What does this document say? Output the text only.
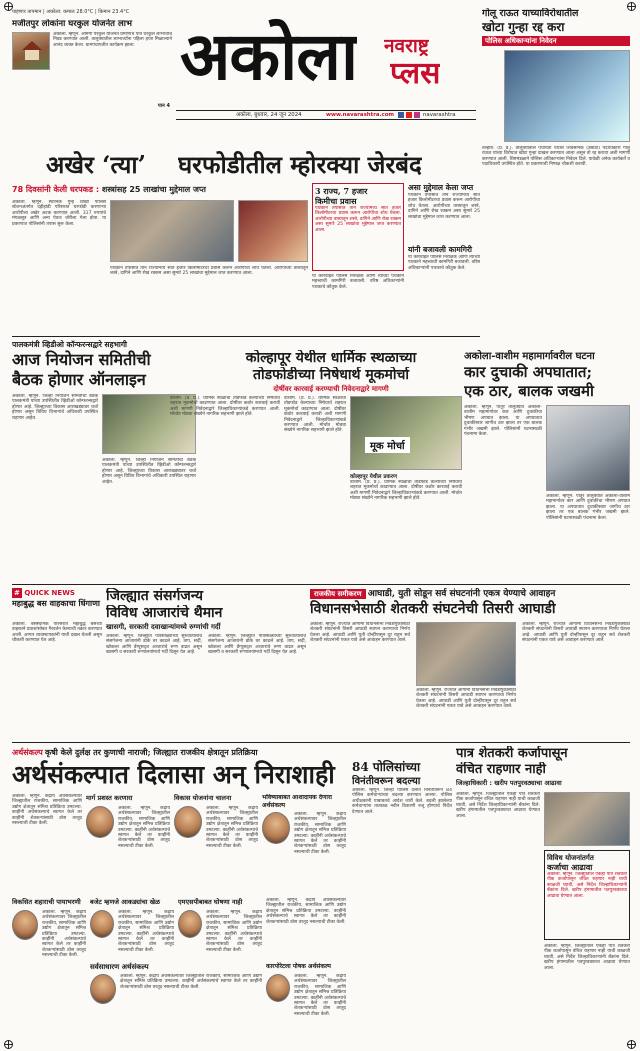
पाहणार तापमान | अकोला: कमाल 28.0°C | किमान 23.4°C
मजीतपुर लोकांना घरकुल योजनेत लाभ
अकोला. म्हणून. ओमेगी परकुल योजनेत प्रमाणाचे पात्र घरकुल लाभार्थींचे निवड करण्यात आली. तालुक्यातील लाभार्थ्यांना पहिला हप्ता मिळाल्याने आनंद व्यक्त केला. ग्रामपंचायतीत कार्यक्रम झाला.
पान 4
अकोला नवराष्ट्र
प्लस
गोलू राऊत याच्याविरोधातील
खोटा गुन्हा रद्द करा
पोलिस अधिकाऱ्यांना निवेदन
तेल्हारा. (प्र. प्र.). तालुक्यातील पंचायती येथील शिवसैनिक (उबाठा) पदाधिकारी गोलू राऊत यांच्या विरोधात खोटा गुन्हा दाखल करण्यात आला असून तो रद्द करावा अशी मागणी करण्यात आली. शिष्टमंडळाने पोलिस अधिकाऱ्यांना निवेदन दिले. यावेळी अनेक कार्यकर्ते व पदाधिकारी उपस्थित होते. या प्रकरणाची निष्पक्ष चौकशी करावी.
अकोला, बुधवार, 24 जून 2024	www.navarashtra.com	navarashtra
अखेर ‘त्या’ घरफोडीतील म्होरक्या जेरबंद
78 दिवसांनी केली धरपकड : शस्त्रांसह 25 लाखांचा मुद्देमाल जप्त
अकोला. म्हणून. स्थानिक गुन्हे शाखा पोलिस स्टेशनअंतर्गत दहीहांडी परिसरात घरफोडी करणाऱ्या आरोपीला अखेर अटक करण्यात आली. 317 रुपयांचे मंगळसूत्र आणि अन्य ऐवज चोरीला गेला होता. या प्रकरणात पोलिसांनी तपास सुरू केला.
पथकाने तपासात तीन राज्यांमध्ये सात हजार किलोमीटरचा प्रवास करून आरोपीचा शोध घेतला. आरोपीच्या ताब्यातून शस्त्रे, दागिने आणि रोख रक्कम असा सुमारे 25 लाखांचा मुद्देमाल जप्त करण्यात आला.
3 राज्य, 7 हजार
किमीचा प्रवास
पथकाने तपासात तीन राज्यांमध्ये सात हजार किलोमीटरचा प्रवास करून आरोपीचा शोध घेतला. आरोपीच्या ताब्यातून शस्त्रे, दागिने आणि रोख रक्कम असा सुमारे 25 लाखांचा मुद्देमाल जप्त करण्यात आला.
या कारवाईत पोलिस निरीक्षक आणि त्यांच्या पथकाने महत्त्वाची कामगिरी बजावली. वरिष्ठ अधिकाऱ्यांनी पथकाचे कौतुक केले.
असा मुद्देमाल केला जप्त
पथकाने तपासात तीन राज्यांमध्ये सात हजार किलोमीटरचा प्रवास करून आरोपीचा शोध घेतला. आरोपीच्या ताब्यातून शस्त्रे, दागिने आणि रोख रक्कम असा सुमारे 25 लाखांचा मुद्देमाल जप्त करण्यात आला.
यांनी बजावली कामगिरी
या कारवाईत पोलिस निरीक्षक आणि त्यांच्या पथकाने महत्त्वाची कामगिरी बजावली. वरिष्ठ अधिकाऱ्यांनी पथकाचे कौतुक केले.
पालकमंत्री व्हिडीओ कॉन्फरन्सद्वारे सहभागी
आज नियोजन समितीची
बैठक होणार ऑनलाइन
अकोला. म्हणून. जिल्हा नियोजन समितीची बैठक पालकमंत्री यांच्या उपस्थितीत व्हिडीओ कॉन्फरन्सद्वारे होणार आहे. जिल्ह्याच्या विकास आराखड्यावर चर्चा होणार असून विविध विभागांचे अधिकारी उपस्थित राहणार आहेत.
अकोला. म्हणून. जिल्हा नियोजन समितीची बैठक पालकमंत्री यांच्या उपस्थितीत व्हिडीओ कॉन्फरन्सद्वारे होणार आहे. जिल्ह्याच्या विकास आराखड्यावर चर्चा होणार असून विविध विभागांचे अधिकारी उपस्थित राहणार आहेत.
कोल्हापूर येथील धार्मिक स्थळाच्या
तोडफोडीच्या निषेधार्थ मूकमोर्चा
दोषींवर कारवाई करण्याची निवेदनाद्वारे मागणी
वाशीम. (प्र. प्र.). धार्मिक स्थळांची तोडफोड केल्याच्या निषेधार्थ शहरात मूकमोर्चा काढण्यात आला. दोषींवर कठोर कारवाई करावी अशी मागणी निवेदनाद्वारे जिल्हाधिकाऱ्यांकडे करण्यात आली. मोर्चात मोठ्या संख्येने नागरिक सहभागी झाले होते.
मूक मोर्चा
कोल्हापूर येथील प्रकरण
वाशीम. (प्र. प्र.). धार्मिक स्थळांची तोडफोड केल्याच्या निषेधार्थ शहरात मूकमोर्चा काढण्यात आला. दोषींवर कठोर कारवाई करावी अशी मागणी निवेदनाद्वारे जिल्हाधिकाऱ्यांकडे करण्यात आली. मोर्चात मोठ्या संख्येने नागरिक सहभागी झाले होते.
वाशीम. (प्र. प्र.). धार्मिक स्थळांची तोडफोड केल्याच्या निषेधार्थ शहरात मूकमोर्चा काढण्यात आला. दोषींवर कठोर कारवाई करावी अशी मागणी निवेदनाद्वारे जिल्हाधिकाऱ्यांकडे करण्यात आली. मोर्चात मोठ्या संख्येने नागरिक सहभागी झाले होते.
अकोला-वाशीम महामार्गावरील घटना
कार दुचाकी अपघातात;
एक ठार, बालक जखमी
अकोला. म्हणून. पातूर तालुक्यात अकोला-वाशीम महामार्गावर कार आणि दुचाकीचा भीषण अपघात झाला. या अपघातात दुचाकीस्वार जागीच ठार झाला तर एक बालक गंभीर जखमी झाले. पोलिसांनी घटनास्थळी पंचनामा केला.
अकोला. म्हणून. पातूर तालुक्यात अकोला-वाशीम महामार्गावर कार आणि दुचाकीचा भीषण अपघात झाला. या अपघातात दुचाकीस्वार जागीच ठार झाला तर एक बालक गंभीर जखमी झाले. पोलिसांनी घटनास्थळी पंचनामा केला.
# QUICK NEWS
महाबुद्ध बस वाहकाचा धिंगाणा
अकोला. बसस्थानक परिसरात महाबुद्ध बसच्या वाहकाने प्रवाशांसोबत गैरवर्तन केल्याची तक्रार करण्यात आली. आगार व्यवस्थापकांनी याची दखल घेतली असून चौकशी करण्यात येत आहे.
जिल्ह्यात संसर्गजन्य
विविध आजारांचे थैमान
खासगी, सरकारी दवाखान्यांमध्ये रुग्णांची गर्दी
अकोला. म्हणून. जिल्ह्यात पावसाळ्याच्या सुरुवातीलाच संसर्गजन्य आजारांनी डोके वर काढले आहे. ताप, सर्दी, खोकला आणि डेंग्यूसदृश आजारांचे रुग्ण वाढत असून खासगी व सरकारी रुग्णालयांमध्ये गर्दी दिसून येत आहे.
अकोला. म्हणून. जिल्ह्यात पावसाळ्याच्या सुरुवातीलाच संसर्गजन्य आजारांनी डोके वर काढले आहे. ताप, सर्दी, खोकला आणि डेंग्यूसदृश आजारांचे रुग्ण वाढत असून खासगी व सरकारी रुग्णालयांमध्ये गर्दी दिसून येत आहे.
राजकीय समीकरण आघाडी, युती सोडून सर्व संघटनांनी एकत्र येण्याचे आवाहन
विधानसभेसाठी शेतकरी संघटनेची तिसरी आघाडी
अकोला. म्हणून. राज्यात आगामी विधानसभा निवडणुकीसाठी शेतकरी संघटनांनी तिसरी आघाडी स्थापन करण्याचा निर्णय घेतला आहे. आघाडी आणि युती दोन्हींपासून दूर राहून सर्व शेतकरी संघटनांनी एकत्र यावे असे आवाहन करण्यात आले.
अकोला. म्हणून. राज्यात आगामी विधानसभा निवडणुकीसाठी शेतकरी संघटनांनी तिसरी आघाडी स्थापन करण्याचा निर्णय घेतला आहे. आघाडी आणि युती दोन्हींपासून दूर राहून सर्व शेतकरी संघटनांनी एकत्र यावे असे आवाहन करण्यात आले.
अकोला. म्हणून. राज्यात आगामी विधानसभा निवडणुकीसाठी शेतकरी संघटनांनी तिसरी आघाडी स्थापन करण्याचा निर्णय घेतला आहे. आघाडी आणि युती दोन्हींपासून दूर राहून सर्व शेतकरी संघटनांनी एकत्र यावे असे आवाहन करण्यात आले.
अर्थसंकल्प कृषी केले दुर्लक्ष तर कुणाची नाराजी; जिल्ह्यात राजकीय क्षेत्रातून प्रतिक्रिया
अर्थसंकल्पात दिलासा अन्‌ निराशाही
अकोला. म्हणून. केंद्रीय अर्थसंकल्पावर जिल्ह्यातील राजकीय, सामाजिक आणि उद्योग क्षेत्रातून संमिश्र प्रतिक्रिया उमटल्या. काहींनी अर्थसंकल्पाचे स्वागत केले तर काहींनी शेतकऱ्यांसाठी ठोस तरतूद नसल्याची टीका केली.
मार्ग प्रशस्त करणारा
अकोला. म्हणून. केंद्रीय अर्थसंकल्पावर जिल्ह्यातील राजकीय, सामाजिक आणि उद्योग क्षेत्रातून संमिश्र प्रतिक्रिया उमटल्या. काहींनी अर्थसंकल्पाचे स्वागत केले तर काहींनी शेतकऱ्यांसाठी ठोस तरतूद नसल्याची टीका केली.
विकास योजनांना चालना
अकोला. म्हणून. केंद्रीय अर्थसंकल्पावर जिल्ह्यातील राजकीय, सामाजिक आणि उद्योग क्षेत्रातून संमिश्र प्रतिक्रिया उमटल्या. काहींनी अर्थसंकल्पाचे स्वागत केले तर काहींनी शेतकऱ्यांसाठी ठोस तरतूद नसल्याची टीका केली.
भविष्याबाबत आशादायक देणारा अर्थसंकल्प
अकोला. म्हणून. केंद्रीय अर्थसंकल्पावर जिल्ह्यातील राजकीय, सामाजिक आणि उद्योग क्षेत्रातून संमिश्र प्रतिक्रिया उमटल्या. काहींनी अर्थसंकल्पाचे स्वागत केले तर काहींनी शेतकऱ्यांसाठी ठोस तरतूद नसल्याची टीका केली.
विकसित शहाराची पायाभरणी
अकोला. म्हणून. केंद्रीय अर्थसंकल्पावर जिल्ह्यातील राजकीय, सामाजिक आणि उद्योग क्षेत्रातून संमिश्र प्रतिक्रिया उमटल्या. काहींनी अर्थसंकल्पाचे स्वागत केले तर काहींनी शेतकऱ्यांसाठी ठोस तरतूद नसल्याची टीका केली.
बजेट म्हणजे आकड्यांचा खेळ
अकोला. म्हणून. केंद्रीय अर्थसंकल्पावर जिल्ह्यातील राजकीय, सामाजिक आणि उद्योग क्षेत्रातून संमिश्र प्रतिक्रिया उमटल्या. काहींनी अर्थसंकल्पाचे स्वागत केले तर काहींनी शेतकऱ्यांसाठी ठोस तरतूद नसल्याची टीका केली.
एमएसपीबाबत घोषणा नाही
अकोला. म्हणून. केंद्रीय अर्थसंकल्पावर जिल्ह्यातील राजकीय, सामाजिक आणि उद्योग क्षेत्रातून संमिश्र प्रतिक्रिया उमटल्या. काहींनी अर्थसंकल्पाचे स्वागत केले तर काहींनी शेतकऱ्यांसाठी ठोस तरतूद नसल्याची टीका केली.
सर्वसाधारण अर्थसंकल्प
अकोला. म्हणून. केंद्रीय अर्थसंकल्पावर जिल्ह्यातील राजकीय, सामाजिक आणि उद्योग क्षेत्रातून संमिश्र प्रतिक्रिया उमटल्या. काहींनी अर्थसंकल्पाचे स्वागत केले तर काहींनी शेतकऱ्यांसाठी ठोस तरतूद नसल्याची टीका केली.
कारपोरेटला पोषक अर्थसंकल्प
अकोला. म्हणून. केंद्रीय अर्थसंकल्पावर जिल्ह्यातील राजकीय, सामाजिक आणि उद्योग क्षेत्रातून संमिश्र प्रतिक्रिया उमटल्या. काहींनी अर्थसंकल्पाचे स्वागत केले तर काहींनी शेतकऱ्यांसाठी ठोस तरतूद नसल्याची टीका केली.
अकोला. म्हणून. केंद्रीय अर्थसंकल्पावर जिल्ह्यातील राजकीय, सामाजिक आणि उद्योग क्षेत्रातून संमिश्र प्रतिक्रिया उमटल्या. काहींनी अर्थसंकल्पाचे स्वागत केले तर काहींनी शेतकऱ्यांसाठी ठोस तरतूद नसल्याची टीका केली.
84 पोलिसांच्या
विनंतीवरून बदल्या
अकोला. म्हणून. जिल्हा पोलिस दलात विनंतीवरून 84 पोलिस कर्मचाऱ्यांच्या बदल्या करण्यात आल्या. पोलिस अधीक्षकांनी याबाबतचे आदेश जारी केले. बदली झालेल्या कर्मचाऱ्यांना तात्काळ नवीन ठिकाणी रुजू होण्याचे निर्देश देण्यात आले.
पात्र शेतकरी कर्जापासून
वंचित राहणार नाही
जिल्हाधिकारी : खरीप पतपुरवठ्याचा आढावा
अकोला. म्हणून. जिल्ह्यातील एकही पात्र शेतकरी पीक कर्जापासून वंचित राहणार नाही याची काळजी घ्यावी, असे निर्देश जिल्हाधिकाऱ्यांनी बँकांना दिले. खरीप हंगामातील पतपुरवठ्याचा आढावा घेण्यात आला.
विविध योजनांतर्गत
कर्जाचा आढावा
अकोला. म्हणून. जिल्ह्यातील एकही पात्र शेतकरी पीक कर्जापासून वंचित राहणार नाही याची काळजी घ्यावी, असे निर्देश जिल्हाधिकाऱ्यांनी बँकांना दिले. खरीप हंगामातील पतपुरवठ्याचा आढावा घेण्यात आला.
अकोला. म्हणून. जिल्ह्यातील एकही पात्र शेतकरी पीक कर्जापासून वंचित राहणार नाही याची काळजी घ्यावी, असे निर्देश जिल्हाधिकाऱ्यांनी बँकांना दिले. खरीप हंगामातील पतपुरवठ्याचा आढावा घेण्यात आला.
